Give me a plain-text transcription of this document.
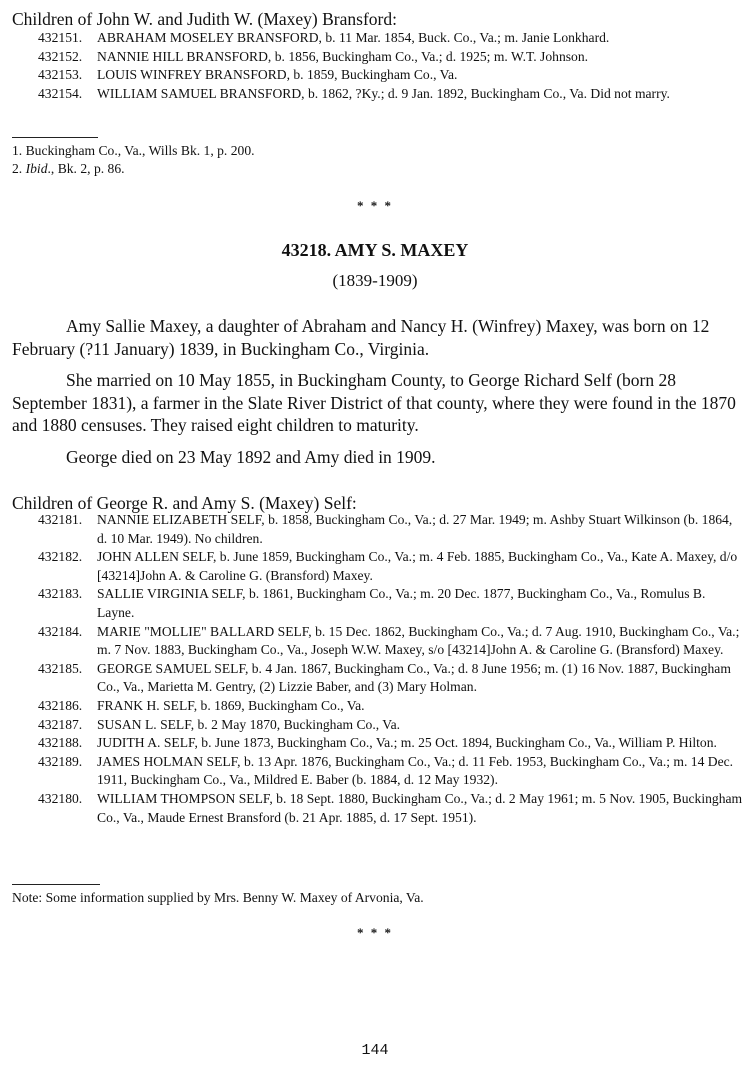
Children of John W. and Judith W. (Maxey) Bransford:
432151.	ABRAHAM MOSELEY BRANSFORD, b. 11 Mar. 1854, Buck. Co., Va.; m. Janie Lonkhard.
432152.	NANNIE HILL BRANSFORD, b. 1856, Buckingham Co., Va.; d. 1925; m. W.T. Johnson.
432153.	LOUIS WINFREY BRANSFORD, b. 1859, Buckingham Co., Va.
432154.	WILLIAM SAMUEL BRANSFORD, b. 1862, ?Ky.; d. 9 Jan. 1892, Buckingham Co., Va. Did not marry.
1. Buckingham Co., Va., Wills Bk. 1, p. 200.
2. Ibid., Bk. 2, p. 86.
* * *
43218. AMY S. MAXEY
(1839-1909)
Amy Sallie Maxey, a daughter of Abraham and Nancy H. (Winfrey) Maxey, was born on 12 February (?11 January) 1839, in Buckingham Co., Virginia.
She married on 10 May 1855, in Buckingham County, to George Richard Self (born 28 September 1831), a farmer in the Slate River District of that county, where they were found in the 1870 and 1880 censuses. They raised eight children to maturity.
George died on 23 May 1892 and Amy died in 1909.
Children of George R. and Amy S. (Maxey) Self:
432181.	NANNIE ELIZABETH SELF, b. 1858, Buckingham Co., Va.; d. 27 Mar. 1949; m. Ashby Stuart Wilkinson (b. 1864, d. 10 Mar. 1949). No children.
432182.	JOHN ALLEN SELF, b. June 1859, Buckingham Co., Va.; m. 4 Feb. 1885, Buckingham Co., Va., Kate A. Maxey, d/o [43214]John A. & Caroline G. (Bransford) Maxey.
432183.	SALLIE VIRGINIA SELF, b. 1861, Buckingham Co., Va.; m. 20 Dec. 1877, Buckingham Co., Va., Romulus B. Layne.
432184.	MARIE "MOLLIE" BALLARD SELF, b. 15 Dec. 1862, Buckingham Co., Va.; d. 7 Aug. 1910, Buckingham Co., Va.; m. 7 Nov. 1883, Buckingham Co., Va., Joseph W.W. Maxey, s/o [43214]John A. & Caroline G. (Bransford) Maxey.
432185.	GEORGE SAMUEL SELF, b. 4 Jan. 1867, Buckingham Co., Va.; d. 8 June 1956; m. (1) 16 Nov. 1887, Buckingham Co., Va., Marietta M. Gentry, (2) Lizzie Baber, and (3) Mary Holman.
432186.	FRANK H. SELF, b. 1869, Buckingham Co., Va.
432187.	SUSAN L. SELF, b. 2 May 1870, Buckingham Co., Va.
432188.	JUDITH A. SELF, b. June 1873, Buckingham Co., Va.; m. 25 Oct. 1894, Buckingham Co., Va., William P. Hilton.
432189.	JAMES HOLMAN SELF, b. 13 Apr. 1876, Buckingham Co., Va.; d. 11 Feb. 1953, Buckingham Co., Va.; m. 14 Dec. 1911, Buckingham Co., Va., Mildred E. Baber (b. 1884, d. 12 May 1932).
432180.	WILLIAM THOMPSON SELF, b. 18 Sept. 1880, Buckingham Co., Va.; d. 2 May 1961; m. 5 Nov. 1905, Buckingham Co., Va., Maude Ernest Bransford (b. 21 Apr. 1885, d. 17 Sept. 1951).
Note: Some information supplied by Mrs. Benny W. Maxey of Arvonia, Va.
* * *
144
